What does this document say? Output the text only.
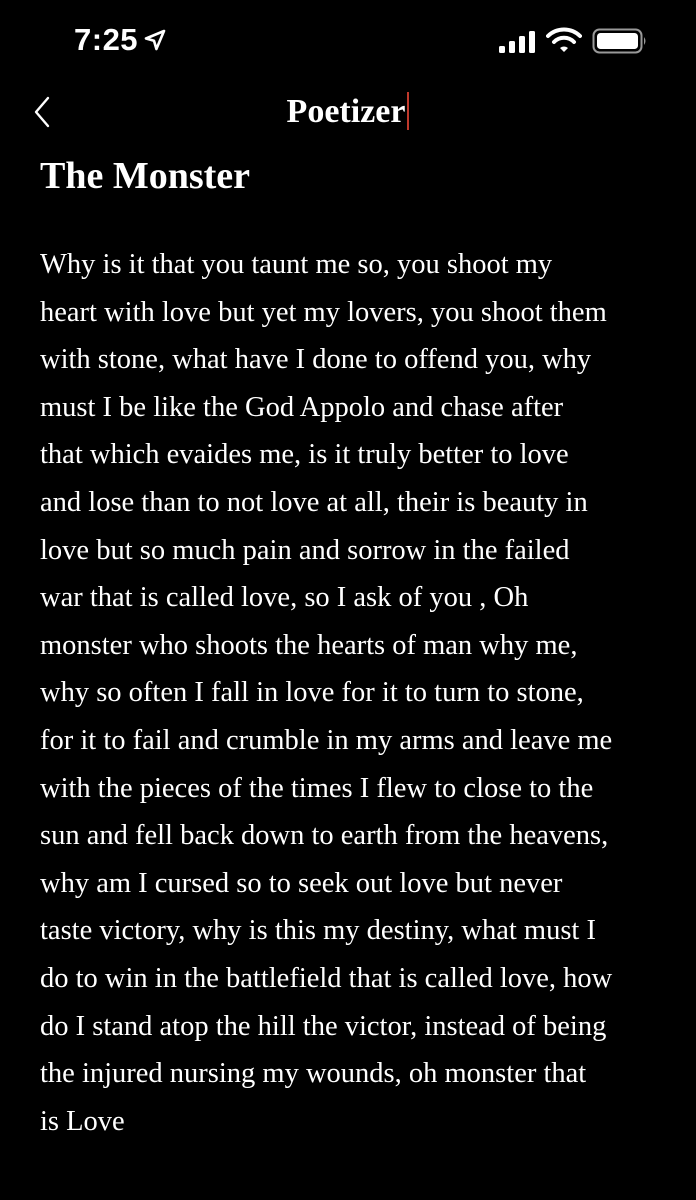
7:25
Poetizer
The Monster
Why is it that you taunt me so, you shoot my
heart with love but yet my lovers, you shoot them
with stone, what have I done to offend you, why
must I be like the God Appolo and chase after
that which evaides me, is it truly better to love
and lose than to not love at all, their is beauty in
love but so much pain and sorrow in the failed
war that is called love, so I ask of you , Oh
monster who shoots the hearts of man why me,
why so often I fall in love for it to turn to stone,
for it to fail and crumble in my arms and leave me
with the pieces of the times I flew to close to the
sun and fell back down to earth from the heavens,
why am I cursed so to seek out love but never
taste victory, why is this my destiny, what must I
do to win in the battlefield that is called love, how
do I stand atop the hill the victor, instead of being
the injured nursing my wounds, oh monster that
is Love
